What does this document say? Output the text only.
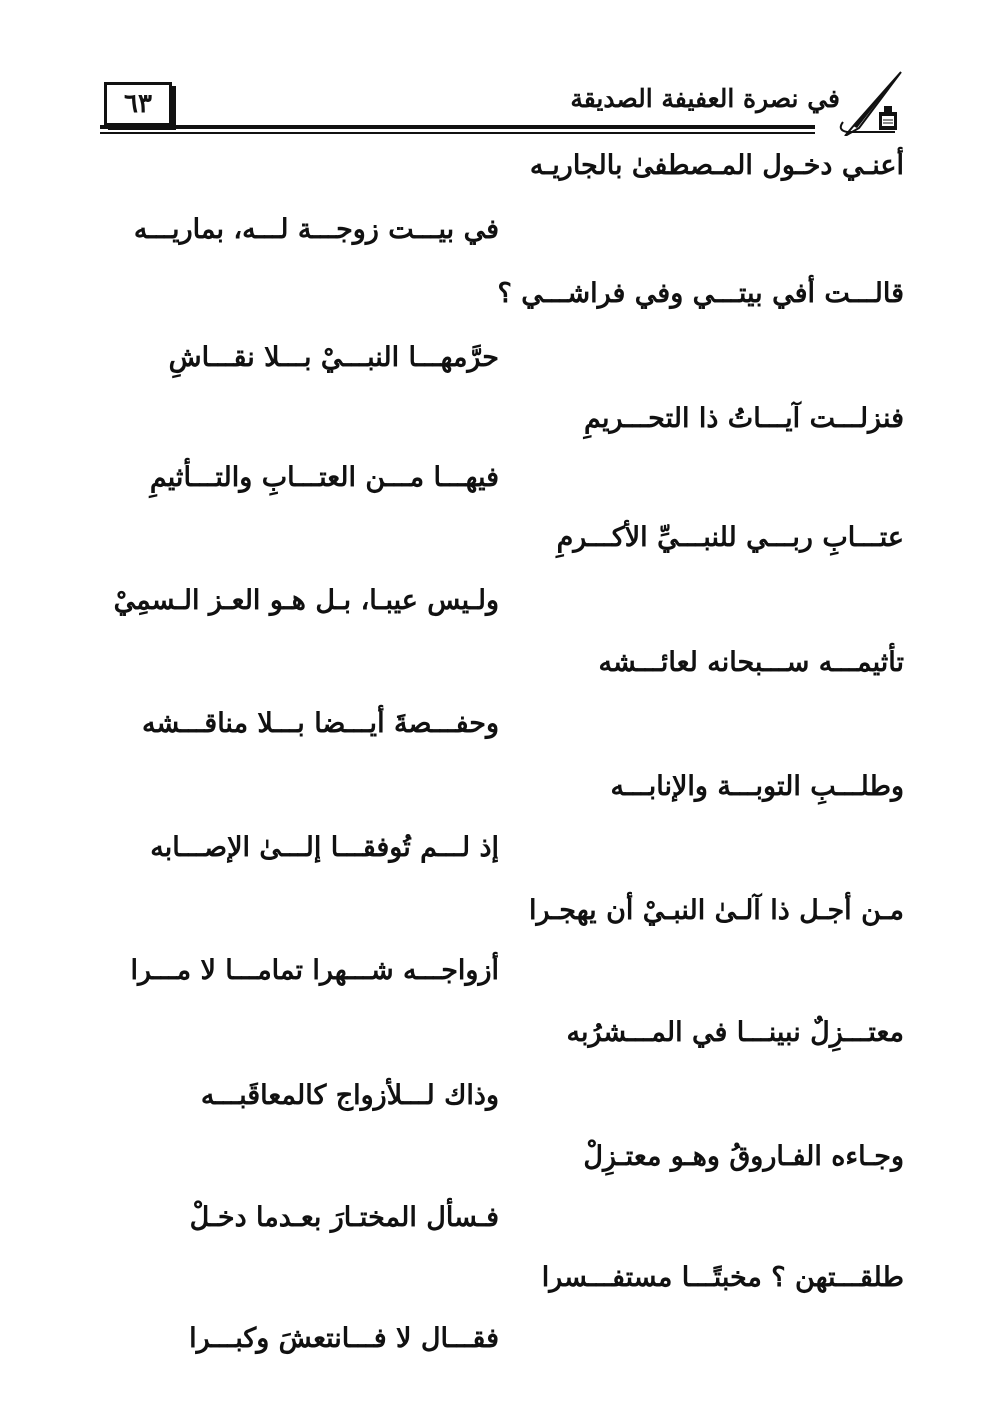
٦٣	في نصرة العفيفة الصديقة
أعنـي دخـول المـصطفىٰ بالجاريـه
في بيـــت زوجـــة لـــه، بماريـــه
قالـــت أفي بيتـــي وفي فراشـــي ؟
حرَّمهـــا النبـــيْ بـــلا نقـــاشِ
فنزلـــت آيـــاتُ ذا التحـــريمِ
فيهـــا مـــن العتـــابِ والتـــأثيمِ
عتـــابِ ربـــي للنبـــيِّ الأكـــرمِ
ولـيس عيبـا، بـل هـو العـز الـسمِيْ
تأثيمـــه ســـبحانه لعائـــشه
وحفـــصةَ أيـــضا بـــلا مناقـــشه
وطلـــبِ التوبـــة والإنابـــه
إذ لـــم تُوفقـــا إلـــىٰ الإصـــابه
مـن أجـل ذا آلـىٰ النبـيْ أن يهجـرا
أزواجـــه شـــهرا تمامـــا لا مـــرا
معتـــزِلٌ نبينـــا في المـــشرُبه
وذاك لـــلأزواج كالمعاقَبـــه
وجـاءه الفـاروقُ وهـو معتـزِلْ
فـسأل المختـارَ بعـدما دخـلْ
طلقـــتهن ؟ مخبتًـــا مستفـــسرا
فقـــال لا فـــانتعشَ وكبـــرا
